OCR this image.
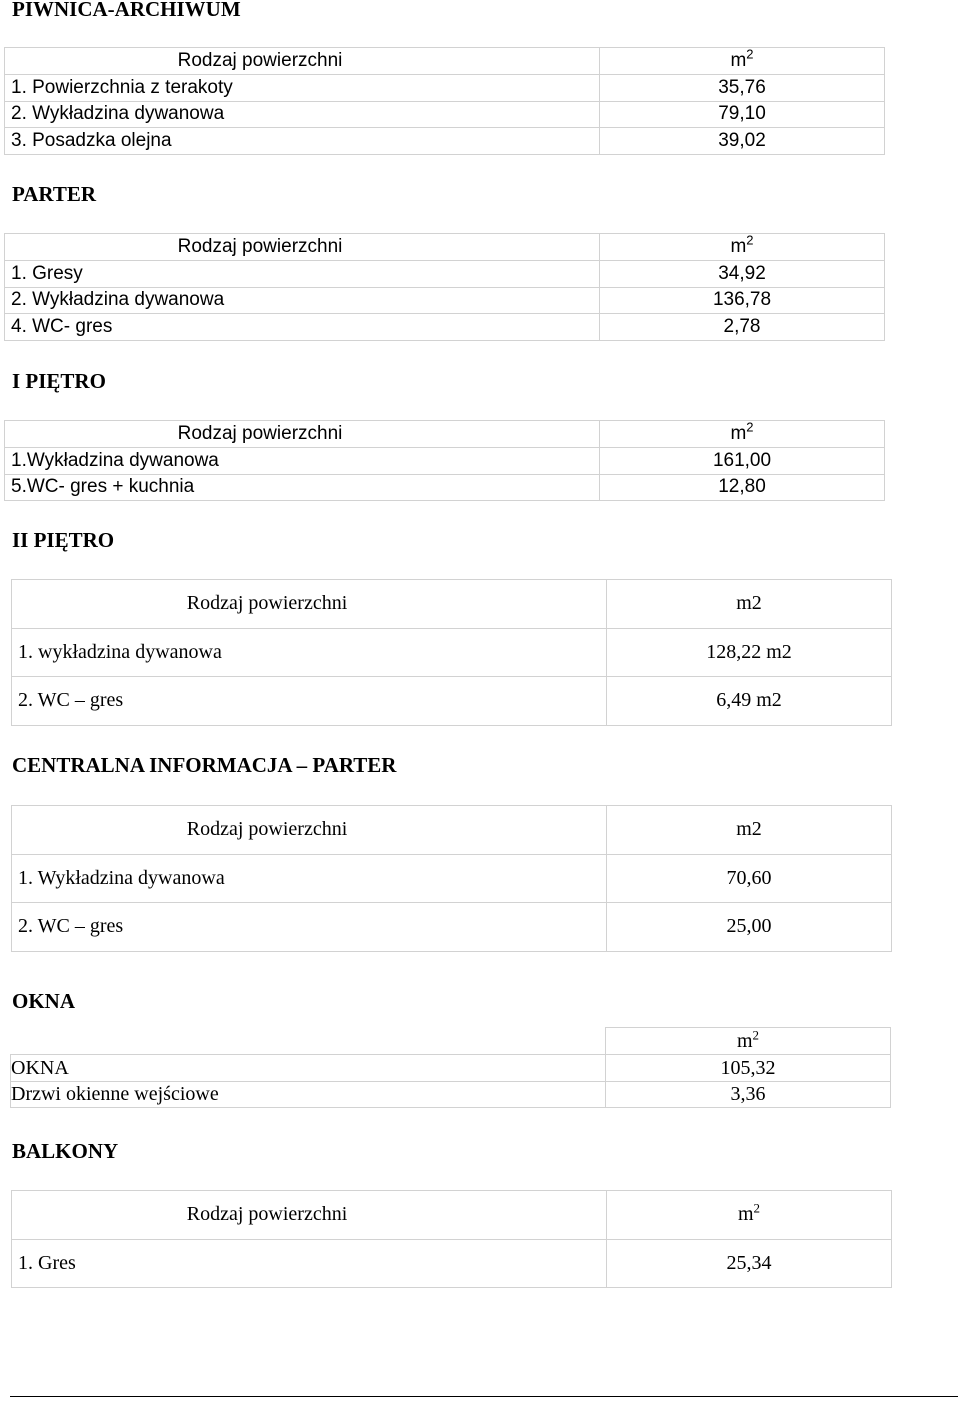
PIWNICA-ARCHIWUM
Rodzaj powierzchni	$m^2$
1. Powierzchnia z terakoty	35,76
2. Wykładzina dywanowa	79,10
3. Posadzka olejna	39,02
PARTER
Rodzaj powierzchni	$m^2$
1. Gresy	34,92
2. Wykładzina dywanowa	136,78
4. WC- gres	2,78
I PIĘTRO
Rodzaj powierzchni	$m^2$
1.Wykładzina dywanowa	161,00
5.WC- gres + kuchnia	12,80
II PIĘTRO
Rodzaj powierzchni	m2
1. wykładzina dywanowa	128,22 m2
2. WC – gres	6,49 m2
CENTRALNA INFORMACJA – PARTER
Rodzaj powierzchni	m2
1. Wykładzina dywanowa	70,60
2. WC – gres	25,00
OKNA
	$m^2$
OKNA	105,32
Drzwi okienne wejściowe	3,36
BALKONY
Rodzaj powierzchni	$m^2$
1. Gres	25,34
